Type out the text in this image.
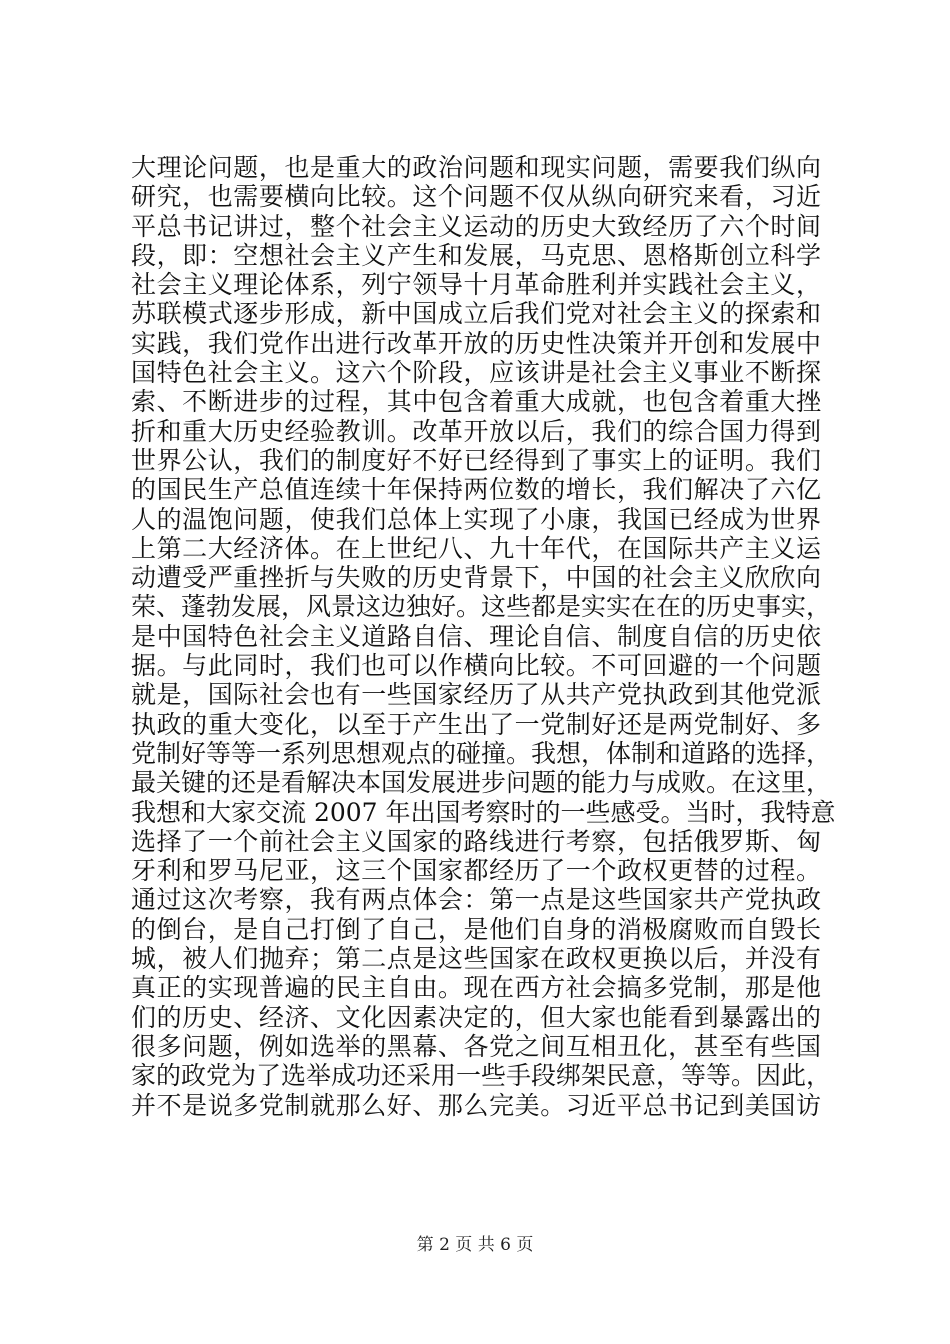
大理论问题，也是重大的政治问题和现实问题，需要我们纵向
研究，也需要横向比较。这个问题不仅从纵向研究来看，习近
平总书记讲过，整个社会主义运动的历史大致经历了六个时间
段，即：空想社会主义产生和发展，马克思、恩格斯创立科学
社会主义理论体系，列宁领导十月革命胜利并实践社会主义，
苏联模式逐步形成，新中国成立后我们党对社会主义的探索和
实践，我们党作出进行改革开放的历史性决策并开创和发展中
国特色社会主义。这六个阶段，应该讲是社会主义事业不断探
索、不断进步的过程，其中包含着重大成就，也包含着重大挫
折和重大历史经验教训。改革开放以后，我们的综合国力得到
世界公认，我们的制度好不好已经得到了事实上的证明。我们
的国民生产总值连续十年保持两位数的增长，我们解决了六亿
人的温饱问题，使我们总体上实现了小康，我国已经成为世界
上第二大经济体。在上世纪八、九十年代，在国际共产主义运
动遭受严重挫折与失败的历史背景下，中国的社会主义欣欣向
荣、蓬勃发展，风景这边独好。这些都是实实在在的历史事实，
是中国特色社会主义道路自信、理论自信、制度自信的历史依
据。与此同时，我们也可以作横向比较。不可回避的一个问题
就是，国际社会也有一些国家经历了从共产党执政到其他党派
执政的重大变化，以至于产生出了一党制好还是两党制好、多
党制好等等一系列思想观点的碰撞。我想，体制和道路的选择，
最关键的还是看解决本国发展进步问题的能力与成败。在这里，
我想和大家交流 2007 年出国考察时的一些感受。当时，我特意
选择了一个前社会主义国家的路线进行考察，包括俄罗斯、匈
牙利和罗马尼亚，这三个国家都经历了一个政权更替的过程。
通过这次考察，我有两点体会：第一点是这些国家共产党执政
的倒台，是自己打倒了自己，是他们自身的消极腐败而自毁长
城，被人们抛弃；第二点是这些国家在政权更换以后，并没有
真正的实现普遍的民主自由。现在西方社会搞多党制，那是他
们的历史、经济、文化因素决定的，但大家也能看到暴露出的
很多问题，例如选举的黑幕、各党之间互相丑化，甚至有些国
家的政党为了选举成功还采用一些手段绑架民意，等等。因此，
并不是说多党制就那么好、那么完美。习近平总书记到美国访
第 2 页 共 6 页
